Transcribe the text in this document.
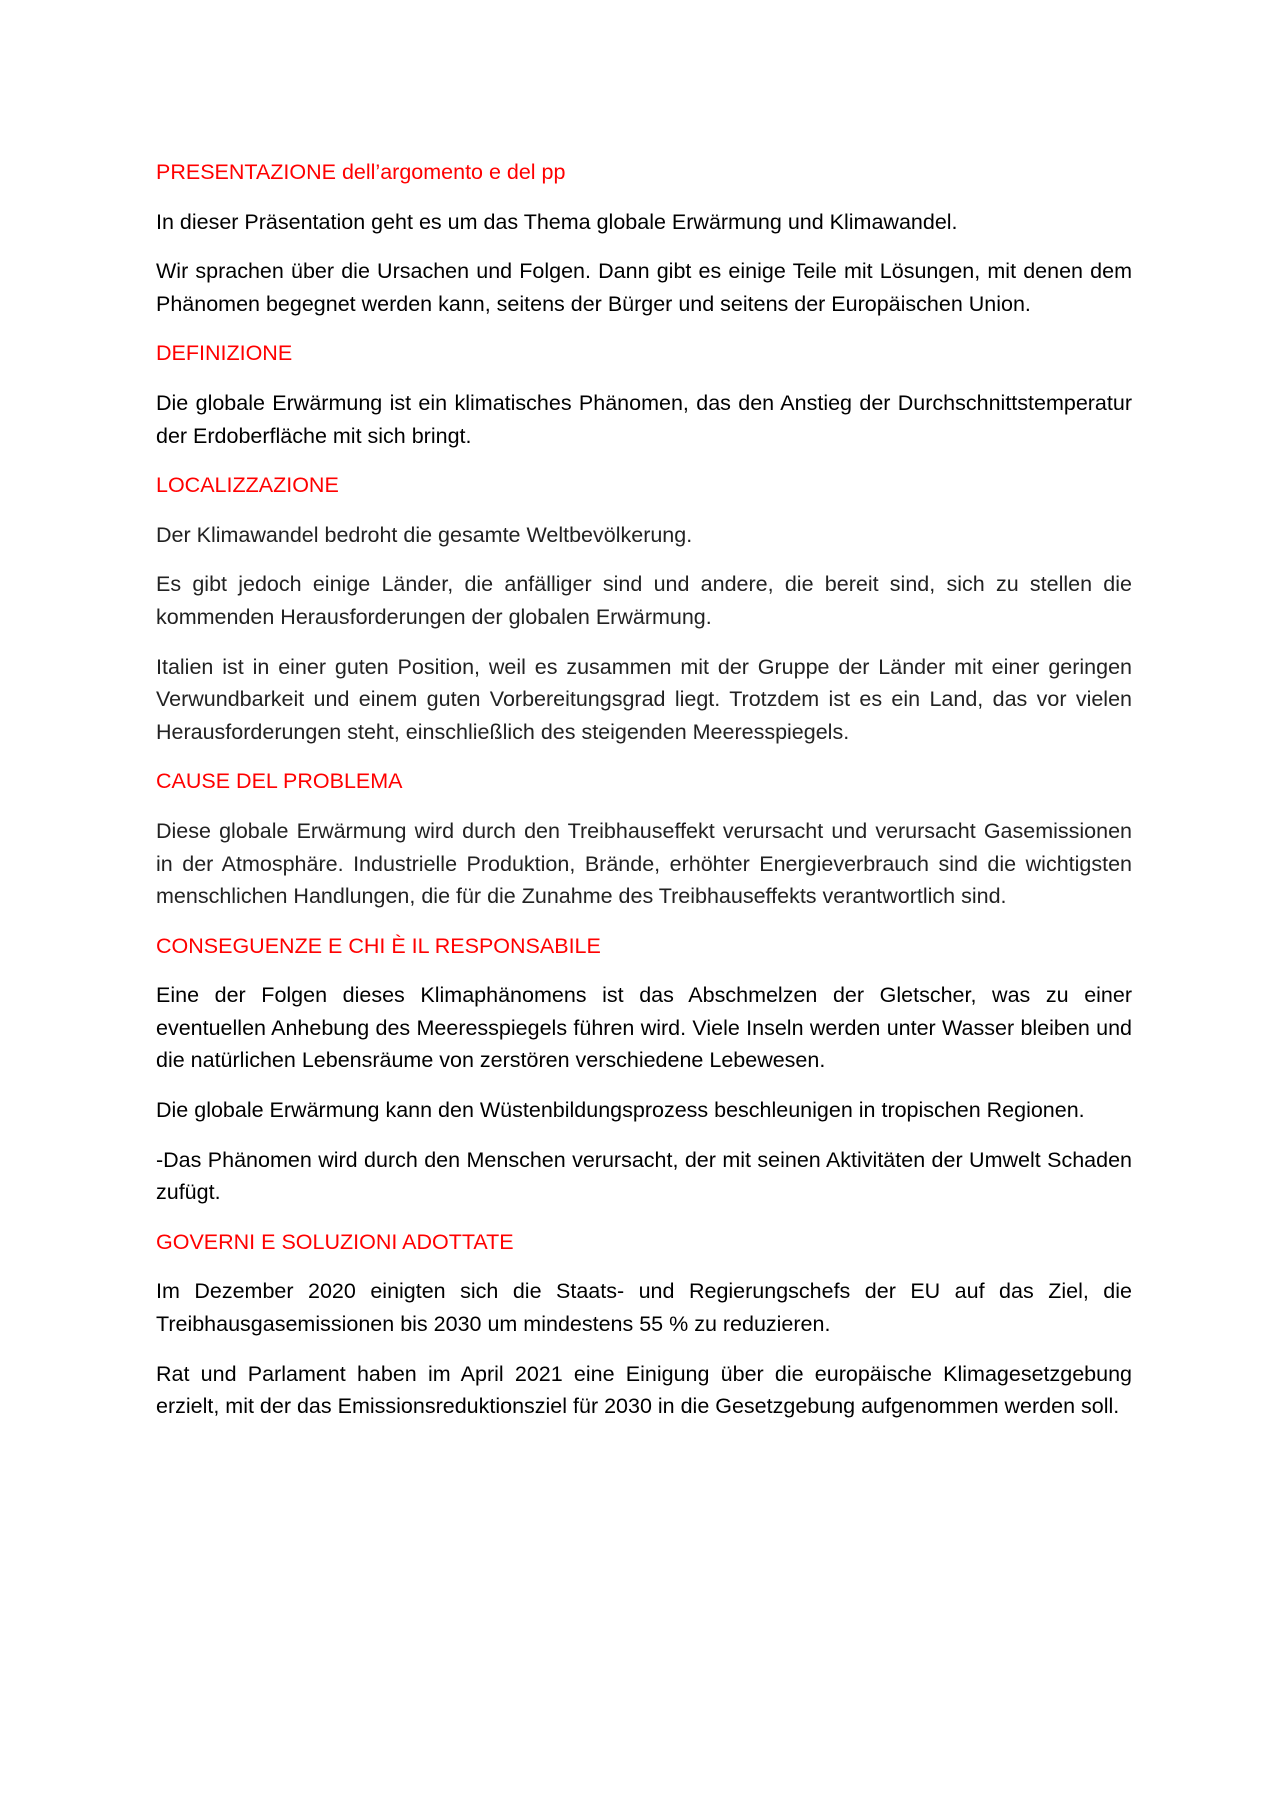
PRESENTAZIONE dell’argomento e del pp
In dieser Präsentation geht es um das Thema globale Erwärmung und Klimawandel.
Wir sprachen über die Ursachen und Folgen. Dann gibt es einige Teile mit Lösungen, mit denen dem Phänomen begegnet werden kann, seitens der Bürger und seitens der Europäischen Union.
DEFINIZIONE
Die globale Erwärmung ist ein klimatisches Phänomen, das den Anstieg der Durchschnittstemperatur der Erdoberfläche mit sich bringt.
LOCALIZZAZIONE
Der Klimawandel bedroht die gesamte Weltbevölkerung.
Es gibt jedoch einige Länder, die anfälliger sind und andere, die bereit sind, sich zu stellen die kommenden Herausforderungen der globalen Erwärmung.
Italien ist in einer guten Position, weil es zusammen mit der Gruppe der Länder mit einer geringen Verwundbarkeit und einem guten Vorbereitungsgrad liegt. Trotzdem ist es ein Land, das vor vielen Herausforderungen steht, einschließlich des steigenden Meeresspiegels.
CAUSE DEL PROBLEMA
Diese globale Erwärmung wird durch den Treibhauseffekt verursacht und verursacht Gasemissionen in der Atmosphäre. Industrielle Produktion, Brände, erhöhter Energieverbrauch sind die wichtigsten menschlichen Handlungen, die für die Zunahme des Treibhauseffekts verantwortlich sind.
CONSEGUENZE E CHI È IL RESPONSABILE
Eine der Folgen dieses Klimaphänomens ist das Abschmelzen der Gletscher, was zu einer eventuellen Anhebung des Meeresspiegels führen wird. Viele Inseln werden unter Wasser bleiben und die natürlichen Lebensräume von zerstören verschiedene Lebewesen.
Die globale Erwärmung kann den Wüstenbildungsprozess beschleunigen in tropischen Regionen.
-Das Phänomen wird durch den Menschen verursacht, der mit seinen Aktivitäten der Umwelt Schaden zufügt.
GOVERNI E SOLUZIONI ADOTTATE
Im Dezember 2020 einigten sich die Staats- und Regierungschefs der EU auf das Ziel, die Treibhausgasemissionen bis 2030 um mindestens 55 % zu reduzieren.
Rat und Parlament haben im April 2021 eine Einigung über die europäische Klimagesetzgebung erzielt, mit der das Emissionsreduktionsziel für 2030 in die Gesetzgebung aufgenommen werden soll.
